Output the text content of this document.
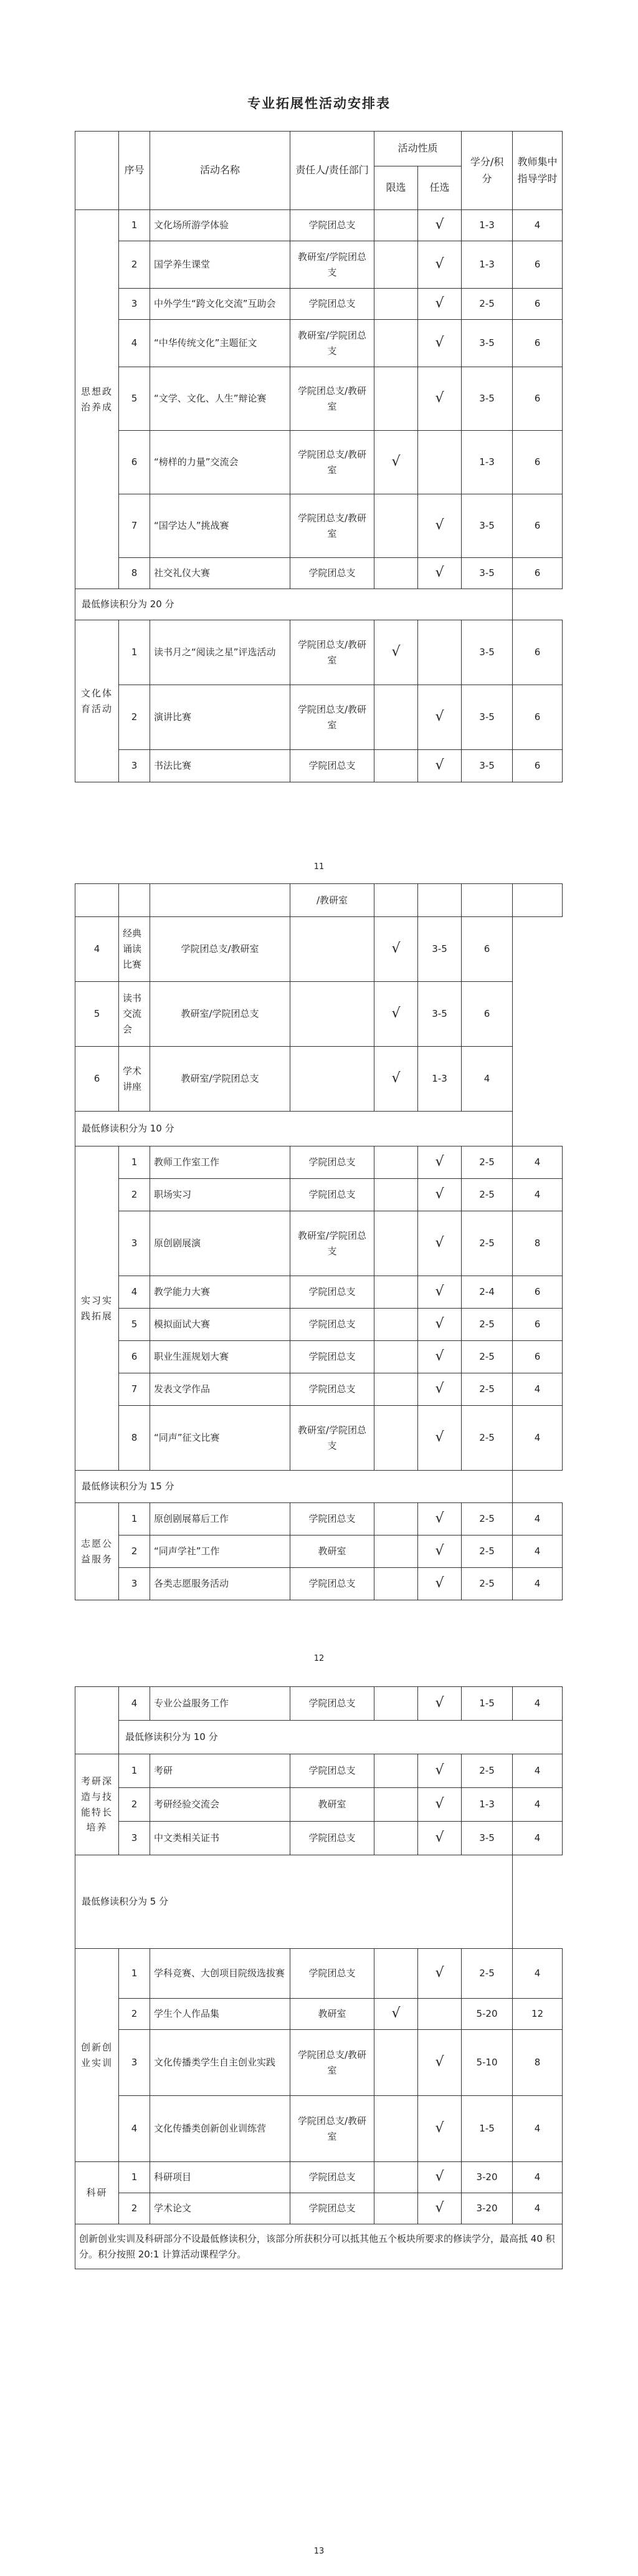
专业拓展性活动安排表
	序号	活动名称	责任人/责任部门	活动性质		学分/积分	教师集中指导学时
				限选	任选		
思想政治养成	1	文化场所游学体验	学院团总支		√	1-3	4
	2	国学养生课堂	教研室/学院团总支		√	1-3	6
	3	中外学生“跨文化交流”互助会	学院团总支		√	2-5	6
	4	“中华传统文化”主题征文	教研室/学院团总支		√	3-5	6
	5	“文学、文化、人生”辩论赛	学院团总支/教研室		√	3-5	6
	6	“榜样的力量”交流会	学院团总支/教研室	√		1-3	6
	7	“国学达人”挑战赛	学院团总支/教研室		√	3-5	6
	8	社交礼仪大赛	学院团总支		√	3-5	6
最低修读积分为 20 分							
文化体育活动	1	读书月之“阅读之星”评选活动	学院团总支/教研室	√		3-5	6
	2	演讲比赛	学院团总支/教研室		√	3-5	6
	3	书法比赛	学院团总支		√	3-5	6
11
			/教研室				
4	经典诵读比赛	学院团总支/教研室		√	3-5	6	
5	读书交流会	教研室/学院团总支		√	3-5	6	
6	学术讲座	教研室/学院团总支		√	1-3	4	
最低修读积分为 10 分							
实习实践拓展	1	教师工作室工作	学院团总支		√	2-5	4
	2	职场实习	学院团总支		√	2-5	4
	3	原创剧展演	教研室/学院团总支		√	2-5	8
	4	教学能力大赛	学院团总支		√	2-4	6
	5	模拟面试大赛	学院团总支		√	2-5	6
	6	职业生涯规划大赛	学院团总支		√	2-5	6
	7	发表文学作品	学院团总支		√	2-5	4
	8	“同声”征文比赛	教研室/学院团总支		√	2-5	4
最低修读积分为 15 分							
志愿公益服务	1	原创剧展幕后工作	学院团总支		√	2-5	4
	2	“同声学社”工作	教研室		√	2-5	4
	3	各类志愿服务活动	学院团总支		√	2-5	4
12
	4	专业公益服务工作	学院团总支		√	1-5	4
	最低修读积分为 10 分						
考研深造与技能特长培养	1	考研	学院团总支		√	2-5	4
	2	考研经验交流会	教研室		√	1-3	4
	3	中文类相关证书	学院团总支		√	3-5	4
最低修读积分为 5 分							
创新创业实训	1	学科竞赛、大创项目院级选拔赛	学院团总支		√	2-5	4
	2	学生个人作品集	教研室	√		5-20	12
	3	文化传播类学生自主创业实践	学院团总支/教研室		√	5-10	8
	4	文化传播类创新创业训练营	学院团总支/教研室		√	1-5	4
科研	1	科研项目	学院团总支		√	3-20	4
	2	学术论文	学院团总支		√	3-20	4
创新创业实训及科研部分不设最低修读积分，该部分所获积分可以抵其他五个板块所要求的修读学分，最高抵 40 积分。积分按照 20:1 计算活动课程学分。							
13
